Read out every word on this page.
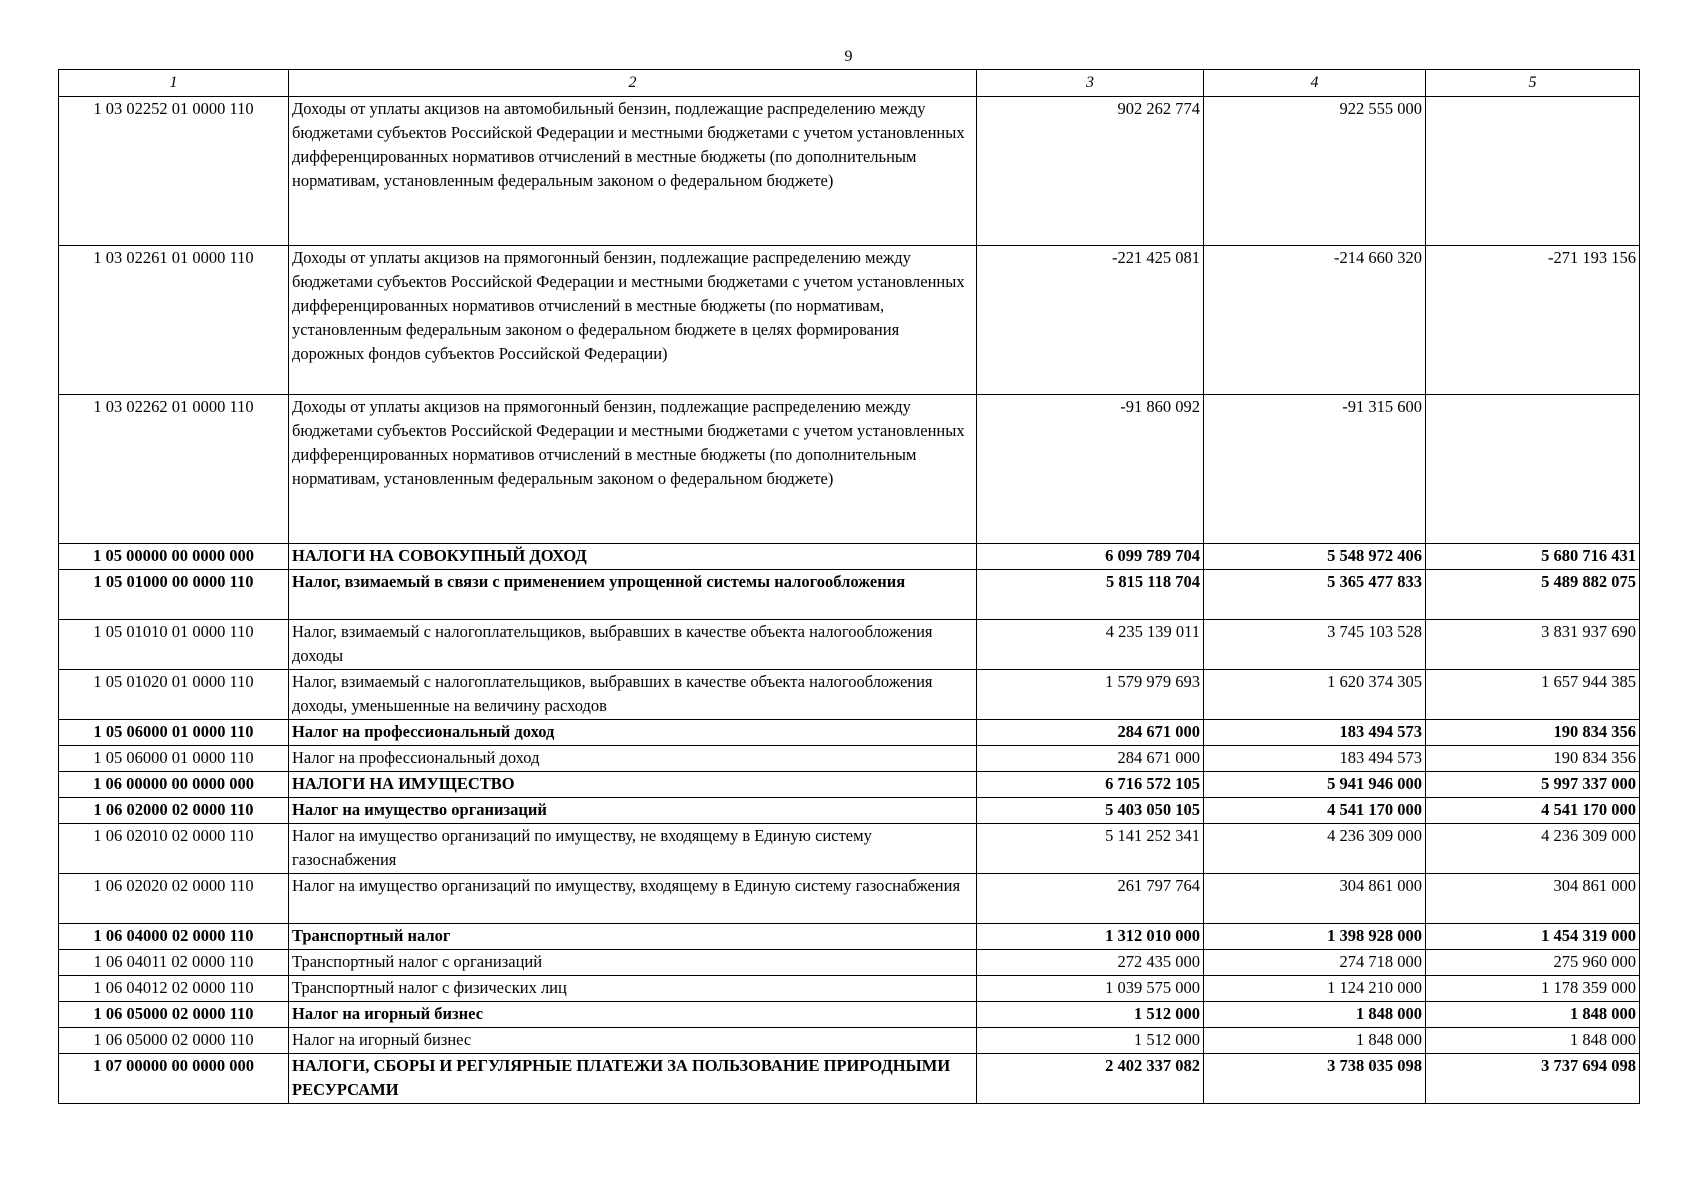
9
1	2	3	4	5
1 03 02252 01 0000 110	Доходы от уплаты акцизов на автомобильный бензин, подлежащие распределению между бюджетами субъектов Российской Федерации и местными бюджетами с учетом установленных дифференцированных нормативов отчислений в местные бюджеты (по дополнительным нормативам, установленным федеральным законом о федеральном бюджете)	902 262 774	922 555 000	
1 03 02261 01 0000 110	Доходы от уплаты акцизов на прямогонный бензин, подлежащие распределению между бюджетами субъектов Российской Федерации и местными бюджетами с учетом установленных дифференцированных нормативов отчислений в местные бюджеты (по нормативам, установленным федеральным законом о федеральном бюджете в целях формирования дорожных фондов субъектов Российской Федерации)	-221 425 081	-214 660 320	-271 193 156
1 03 02262 01 0000 110	Доходы от уплаты акцизов на прямогонный бензин, подлежащие распределению между бюджетами субъектов Российской Федерации и местными бюджетами с учетом установленных дифференцированных нормативов отчислений в местные бюджеты (по дополнительным нормативам, установленным федеральным законом о федеральном бюджете)	-91 860 092	-91 315 600	
1 05 00000 00 0000 000	НАЛОГИ НА СОВОКУПНЫЙ ДОХОД	6 099 789 704	5 548 972 406	5 680 716 431
1 05 01000 00 0000 110	Налог, взимаемый в связи с применением упрощенной системы налогообложения	5 815 118 704	5 365 477 833	5 489 882 075
1 05 01010 01 0000 110	Налог, взимаемый с налогоплательщиков, выбравших в качестве объекта налогообложения доходы	4 235 139 011	3 745 103 528	3 831 937 690
1 05 01020 01 0000 110	Налог, взимаемый с налогоплательщиков, выбравших в качестве объекта налогообложения доходы, уменьшенные на величину расходов	1 579 979 693	1 620 374 305	1 657 944 385
1 05 06000 01 0000 110	Налог на профессиональный доход	284 671 000	183 494 573	190 834 356
1 05 06000 01 0000 110	Налог на профессиональный доход	284 671 000	183 494 573	190 834 356
1 06 00000 00 0000 000	НАЛОГИ НА ИМУЩЕСТВО	6 716 572 105	5 941 946 000	5 997 337 000
1 06 02000 02 0000 110	Налог на имущество организаций	5 403 050 105	4 541 170 000	4 541 170 000
1 06 02010 02 0000 110	Налог на имущество организаций по имуществу, не входящему в Единую систему газоснабжения	5 141 252 341	4 236 309 000	4 236 309 000
1 06 02020 02 0000 110	Налог на имущество организаций по имуществу, входящему в Единую систему газоснабжения	261 797 764	304 861 000	304 861 000
1 06 04000 02 0000 110	Транспортный налог	1 312 010 000	1 398 928 000	1 454 319 000
1 06 04011 02 0000 110	Транспортный налог с организаций	272 435 000	274 718 000	275 960 000
1 06 04012 02 0000 110	Транспортный налог с физических лиц	1 039 575 000	1 124 210 000	1 178 359 000
1 06 05000 02 0000 110	Налог на игорный бизнес	1 512 000	1 848 000	1 848 000
1 06 05000 02 0000 110	Налог на игорный бизнес	1 512 000	1 848 000	1 848 000
1 07 00000 00 0000 000	НАЛОГИ, СБОРЫ И РЕГУЛЯРНЫЕ ПЛАТЕЖИ ЗА ПОЛЬЗОВАНИЕ ПРИРОДНЫМИ РЕСУРСАМИ	2 402 337 082	3 738 035 098	3 737 694 098
